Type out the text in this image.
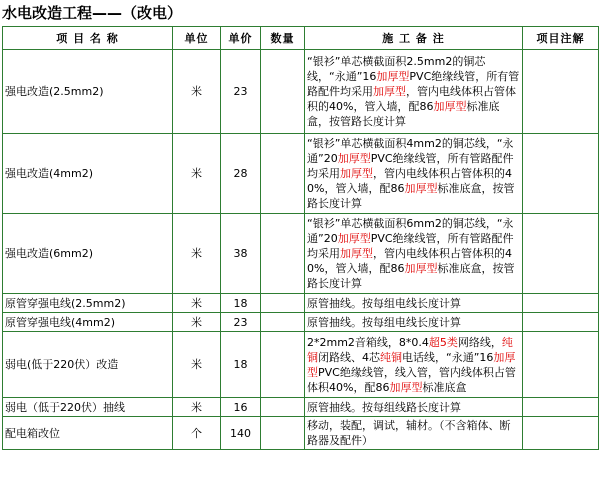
水电改造工程——（改电）
项 目 名 称	单位	单价	数量	施 工 备 注	项目注解
强电改造(2.5mm2)	米	23		“银衫”单芯横截面积2.5mm2的铜芯线，“永通”16加厚型PVC绝缘线管，所有管路配件均采用加厚型，管内电线体积占管体积的40%，管入墙，配86加厚型标准底盒，按管路长度计算	
强电改造(4mm2)	米	28		“银衫”单芯横截面积4mm2的铜芯线，“永通”20加厚型PVC绝缘线管，所有管路配件均采用加厚型，管内电线体积占管体积的40%，管入墙，配86加厚型标准底盒，按管路长度计算	
强电改造(6mm2)	米	38		“银衫”单芯横截面积6mm2的铜芯线，“永通”20加厚型PVC绝缘线管，所有管路配件均采用加厚型，管内电线体积占管体积的40%，管入墙，配86加厚型标准底盒，按管路长度计算	
原管穿强电线(2.5mm2)	米	18		原管抽线。按每组电线长度计算	
原管穿强电线(4mm2)	米	23		原管抽线。按每组电线长度计算	
弱电(低于220伏）改造	米	18		2*2mm2音箱线，8*0.4超5类网络线，纯铜闭路线、4芯纯铜电话线，“永通”16加厚型PVC绝缘线管，线入管，管内线体积占管体积40%，配86加厚型标准底盒	
弱电（低于220伏）抽线	米	16		原管抽线。按每组线路长度计算	
配电箱改位	个	140		移动，装配，调试，辅材。（不含箱体、断路器及配件）	
